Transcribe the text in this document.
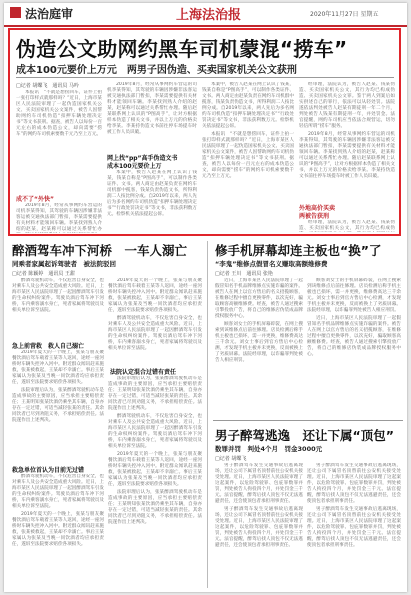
法治庭审	上海法治报	2020年11月27日 星期五
伪造公文助网约黑车司机蒙混“捞车”
成本100元要价上万元　两男子因伪造、买卖国家机关公文获刑
□记者 胡蝶飞　通讯员 马吟

本报讯　“不就是想捞回车，证件上拍一张打印样式就那样吗？”近日，上海市某区人民法院审理了一起伪造国家机关公文、买卖国家机关公文案件，被告人因帮助网约车司机伪造“扣押车辆处理决定书”等文书获刑。据查，被告人以每份一百元左右的成本伪造公文，却向需要“捞车”的网约车司机索要数千元乃至上万元。

成不了“外快”

2019年8月，经常从事网约车营运的司机李某得知，其驾驶的车辆因涉嫌非法客运被交通执法部门暂扣，李某需要提供有关材料才能领回车辆。李某找到熟人介绍的赵某，赵某称可以通过关系帮忙办

2019年8月，经常从事网约车营运的司机李某得知，其驾驶的车辆因涉嫌非法客运被交通执法部门暂扣，李某需要提供有关材料才能领回车辆。李某找到熟人介绍的赵某，赵某称可以通过关系帮忙办理。随后赵某联系网上认识的“P图高手”，让对方根据样本伪造了相关文书，并以上万元的价格卖给李某。李某持伪造文书前往停车场提车时被工作人员识破。

网上找“pp”高手伪造文书
成本100元要价上万

本案中，被告人赵某在网上认识了钱某，钱某自称是“P图高手”，可以制作各类证件、文书。两人商定由赵某负责在网约车司机群中揽客，钱某负责伪造文书，所得利润二人按比例分成。自2019年以来，两人先后为多名网约车司机伪造“扣押车辆处理决定书”“行政处罚决定书”等文书，非法获利数万元。检察机关依法提起公诉。

本案中，被告人赵某在网上认识了钱某，钱某自称是“P图高手”，可以制作各类证件、文书。两人商定由赵某负责在网约车司机群中揽客，钱某负责伪造文书，所得利润二人按比例分成。自2019年以来，两人先后为多名网约车司机伪造“扣押车辆处理决定书”“行政处罚决定书”等文书，非法获利数万元。检察机关依法提起公诉。

本报讯　“不就是想捞回车，证件上拍一张打印样式就那样吗？”近日，上海市某区人民法院审理了一起伪造国家机关公文、买卖国家机关公文案件，被告人因帮助网约车司机伪造“扣押车辆处理决定书”等文书获刑。据查，被告人以每份一百元左右的成本伪造公文，却向需要“捞车”的网约车司机索要数千元乃至上万元。

经审理，法院认为，被告人赵某、钱某伪造、买卖国家机关公文，其行为均已构成伪造、买卖国家机关公文罪。鉴于两人到案后如实供述自己的罪行，依法可以从轻处罚。法院遂依法判处被告人赵某有期徒刑一年二个月，判处被告人钱某有期徒刑一年，并处罚金。法官提醒，网约车司机应当依法合规营运，切勿轻信所谓“捞车”服务。

2019年8月，经常从事网约车营运的司机李某得知，其驾驶的车辆因涉嫌非法客运被交通执法部门暂扣，李某需要提供有关材料才能领回车辆。李某找到熟人介绍的赵某，赵某称可以通过关系帮忙办理。随后赵某联系网上认识的“P图高手”，让对方根据样本伪造了相关文书，并以上万元的价格卖给李某。李某持伪造文书前往停车场提车时被工作人员识破。

外地高价买卖
两被告获刑

经审理，法院认为，被告人赵某、钱某伪造、买卖国家机关公文，其行为均已构成伪

醉酒驾车冲下河桥　一车人溺亡
同乘者家属起诉驾驶者　被法院驳回
□记者 陈颖婷　通讯员 王甜

醉酒驾驶机动车，不仅危害自身安全，也对乘车人及公共安全造成重大风险。近日，上海市某区人民法院审理了一起因醉酒驾车引发的生命权纠纷案件。驾驶员酒后驾车冲下河桥，车内乘客溺水身亡，死者家属将驾驶员及相关单位诉至法院。

急上前营救　救人自己溺亡

2019年夏天的一个晚上，张某与朋友聚餐饮酒后驾车载着王某等人返回，途经一座河桥时车辆失控冲入河中。附近群众闻讯赶来施救，张某被救起，王某却不幸溺亡。事后王某家属认为张某及当晚一同饮酒者均应承担责任，遂诉至法院要求赔偿各项损失。

法院审理后认为，张某醉酒驾驶机动车是造成事故的主要原因，应当承担主要赔偿责任；王某明知张某饮酒仍乘坐其车辆，自身亦存在一定过错，可适当减轻张某的责任。其余同饮者已尽到劝阻义务，不承担赔偿责任。法院遂作出上述判决。

救急单位首认为目前无过错

醉酒驾驶机动车，不仅危害自身安全，也对乘车人及公共安全造成重大风险。近日，上海市某区人民法院审理了一起因醉酒驾车引发的生命权纠纷案件。驾驶员酒后驾车冲下河桥，车内乘客溺水身亡，死者家属将驾驶员及相关单位诉至法院。

2019年夏天的一个晚上，张某与朋友聚餐饮酒后驾车载着王某等人返回，途经一座河桥时车辆失控冲入河中。附近群众闻讯赶来施救，张某被救起，王某却不幸溺亡。事后王某家属认为张某及当晚一同饮酒者均应承担责任，遂诉至法院要求赔偿各项损失。

2019年夏天的一个晚上，张某与朋友聚餐饮酒后驾车载着王某等人返回，途经一座河桥时车辆失控冲入河中。附近群众闻讯赶来施救，张某被救起，王某却不幸溺亡。事后王某家属认为张某及当晚一同饮酒者均应承担责任，遂诉至法院要求赔偿各项损失。

醉酒驾驶机动车，不仅危害自身安全，也对乘车人及公共安全造成重大风险。近日，上海市某区人民法院审理了一起因醉酒驾车引发的生命权纠纷案件。驾驶员酒后驾车冲下河桥，车内乘客溺水身亡，死者家属将驾驶员及相关单位诉至法院。

法院认定混合过错有责任

法院审理后认为，张某醉酒驾驶机动车是造成事故的主要原因，应当承担主要赔偿责任；王某明知张某饮酒仍乘坐其车辆，自身亦存在一定过错，可适当减轻张某的责任。其余同饮者已尽到劝阻义务，不承担赔偿责任。法院遂作出上述判决。

醉酒驾驶机动车，不仅危害自身安全，也对乘车人及公共安全造成重大风险。近日，上海市某区人民法院审理了一起因醉酒驾车引发的生命权纠纷案件。驾驶员酒后驾车冲下河桥，车内乘客溺水身亡，死者家属将驾驶员及相关单位诉至法院。

2019年夏天的一个晚上，张某与朋友聚餐饮酒后驾车载着王某等人返回，途经一座河桥时车辆失控冲入河中。附近群众闻讯赶来施救，张某被救起，王某却不幸溺亡。事后王某家属认为张某及当晚一同饮酒者均应承担责任，遂诉至法院要求赔偿各项损失。

法院审理后认为，张某醉酒驾驶机动车是造成事故的主要原因，应当承担主要赔偿责任；王某明知张某饮酒仍乘坐其车辆，自身亦存在一定过错，可适当减轻张某的责任。其余同饮者已尽到劝阻义务，不承担赔偿责任。法院遂作出上述判决。

修手机屏幕却连主板也“换”了
“李鬼”维修点假冒名义赚取高额维修费
□记者 王川　通讯员 张艳

近日，上海市某区人民法院审理了一起假冒知名手机品牌维修点实施诈骗的案件。被告人在网上以官方售后的名义招揽顾客，在维修过程中擅自更换零件，以次充好，骗取顾客高额维修费。经查，被告人通过搜索引擎投放广告，将自己的维修店伪装成品牌授权服务中心。

顾客刘女士的手机屏幕碎裂，在网上搜索到该维修点后前往修理。店员检测后称手机主板也已损坏，需一并更换，维修费高达三千余元。刘女士事后到官方售后中心检测，才发现手机主板并未更换，反而被换上了劣质屏幕。法院经审理，以诈骗罪判处被告人相应刑罚。

顾客刘女士的手机屏幕碎裂，在网上搜索到该维修点后前往修理。店员检测后称手机主板也已损坏，需一并更换，维修费高达三千余元。刘女士事后到官方售后中心检测，才发现手机主板并未更换，反而被换上了劣质屏幕。法院经审理，以诈骗罪判处被告人相应刑罚。

近日，上海市某区人民法院审理了一起假冒知名手机品牌维修点实施诈骗的案件。被告人在网上以官方售后的名义招揽顾客，在维修过程中擅自更换零件，以次充好，骗取顾客高额维修费。经查，被告人通过搜索引擎投放广告，将自己的维修店伪装成品牌授权服务中心。

男子醉驾逃逸　还让下属“顶包”
数罪并罚　判处4个月　罚金3000元
□记者 胡蝶飞

男子醉酒驾车发生交通事故后逃离现场，还让公司下属冒名顶替前往公安机关接受处理。近日，上海市某区人民法院审理了这起案件，以危险驾驶罪、包庇罪数罪并罚，判处被告人拘役四个月，并处罚金三千元。法官提醒，醉驾后找人顶包不仅无法逃避责任，还会使顶包者承担刑事责任。

男子醉酒驾车发生交通事故后逃离现场，还让公司下属冒名顶替前往公安机关接受处理。近日，上海市某区人民法院审理了这起案件，以危险驾驶罪、包庇罪数罪并罚，判处被告人拘役四个月，并处罚金三千元。法官提醒，醉驾后找人顶包不仅无法逃避责任，还会使顶包者承担刑事责任。

男子醉酒驾车发生交通事故后逃离现场，还让公司下属冒名顶替前往公安机关接受处理。近日，上海市某区人民法院审理了这起案件，以危险驾驶罪、包庇罪数罪并罚，判处被告人拘役四个月，并处罚金三千元。法官提醒，醉驾后找人顶包不仅无法逃避责任，还会使顶包者承担刑事责任。

男子醉酒驾车发生交通事故后逃离现场，还让公司下属冒名顶替前往公安机关接受处理。近日，上海市某区人民法院审理了这起案件，以危险驾驶罪、包庇罪数罪并罚，判处被告人拘役四个月，并处罚金三千元。法官提醒，醉驾后找人顶包不仅无法逃避责任，还会使顶包者承担刑事责任。
